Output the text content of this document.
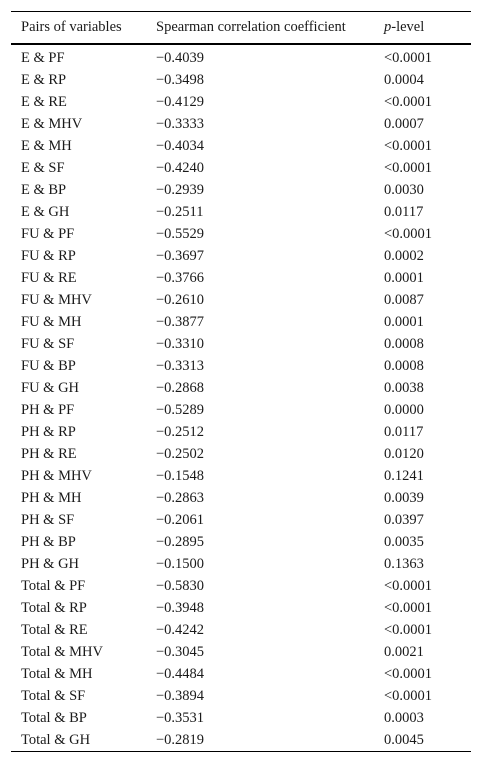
Pairs of variables	Spearman correlation coefficient	p-level
E & PF	−0.4039	<0.0001
E & RP	−0.3498	0.0004
E & RE	−0.4129	<0.0001
E & MHV	−0.3333	0.0007
E & MH	−0.4034	<0.0001
E & SF	−0.4240	<0.0001
E & BP	−0.2939	0.0030
E & GH	−0.2511	0.0117
FU & PF	−0.5529	<0.0001
FU & RP	−0.3697	0.0002
FU & RE	−0.3766	0.0001
FU & MHV	−0.2610	0.0087
FU & MH	−0.3877	0.0001
FU & SF	−0.3310	0.0008
FU & BP	−0.3313	0.0008
FU & GH	−0.2868	0.0038
PH & PF	−0.5289	0.0000
PH & RP	−0.2512	0.0117
PH & RE	−0.2502	0.0120
PH & MHV	−0.1548	0.1241
PH & MH	−0.2863	0.0039
PH & SF	−0.2061	0.0397
PH & BP	−0.2895	0.0035
PH & GH	−0.1500	0.1363
Total & PF	−0.5830	<0.0001
Total & RP	−0.3948	<0.0001
Total & RE	−0.4242	<0.0001
Total & MHV	−0.3045	0.0021
Total & MH	−0.4484	<0.0001
Total & SF	−0.3894	<0.0001
Total & BP	−0.3531	0.0003
Total & GH	−0.2819	0.0045
